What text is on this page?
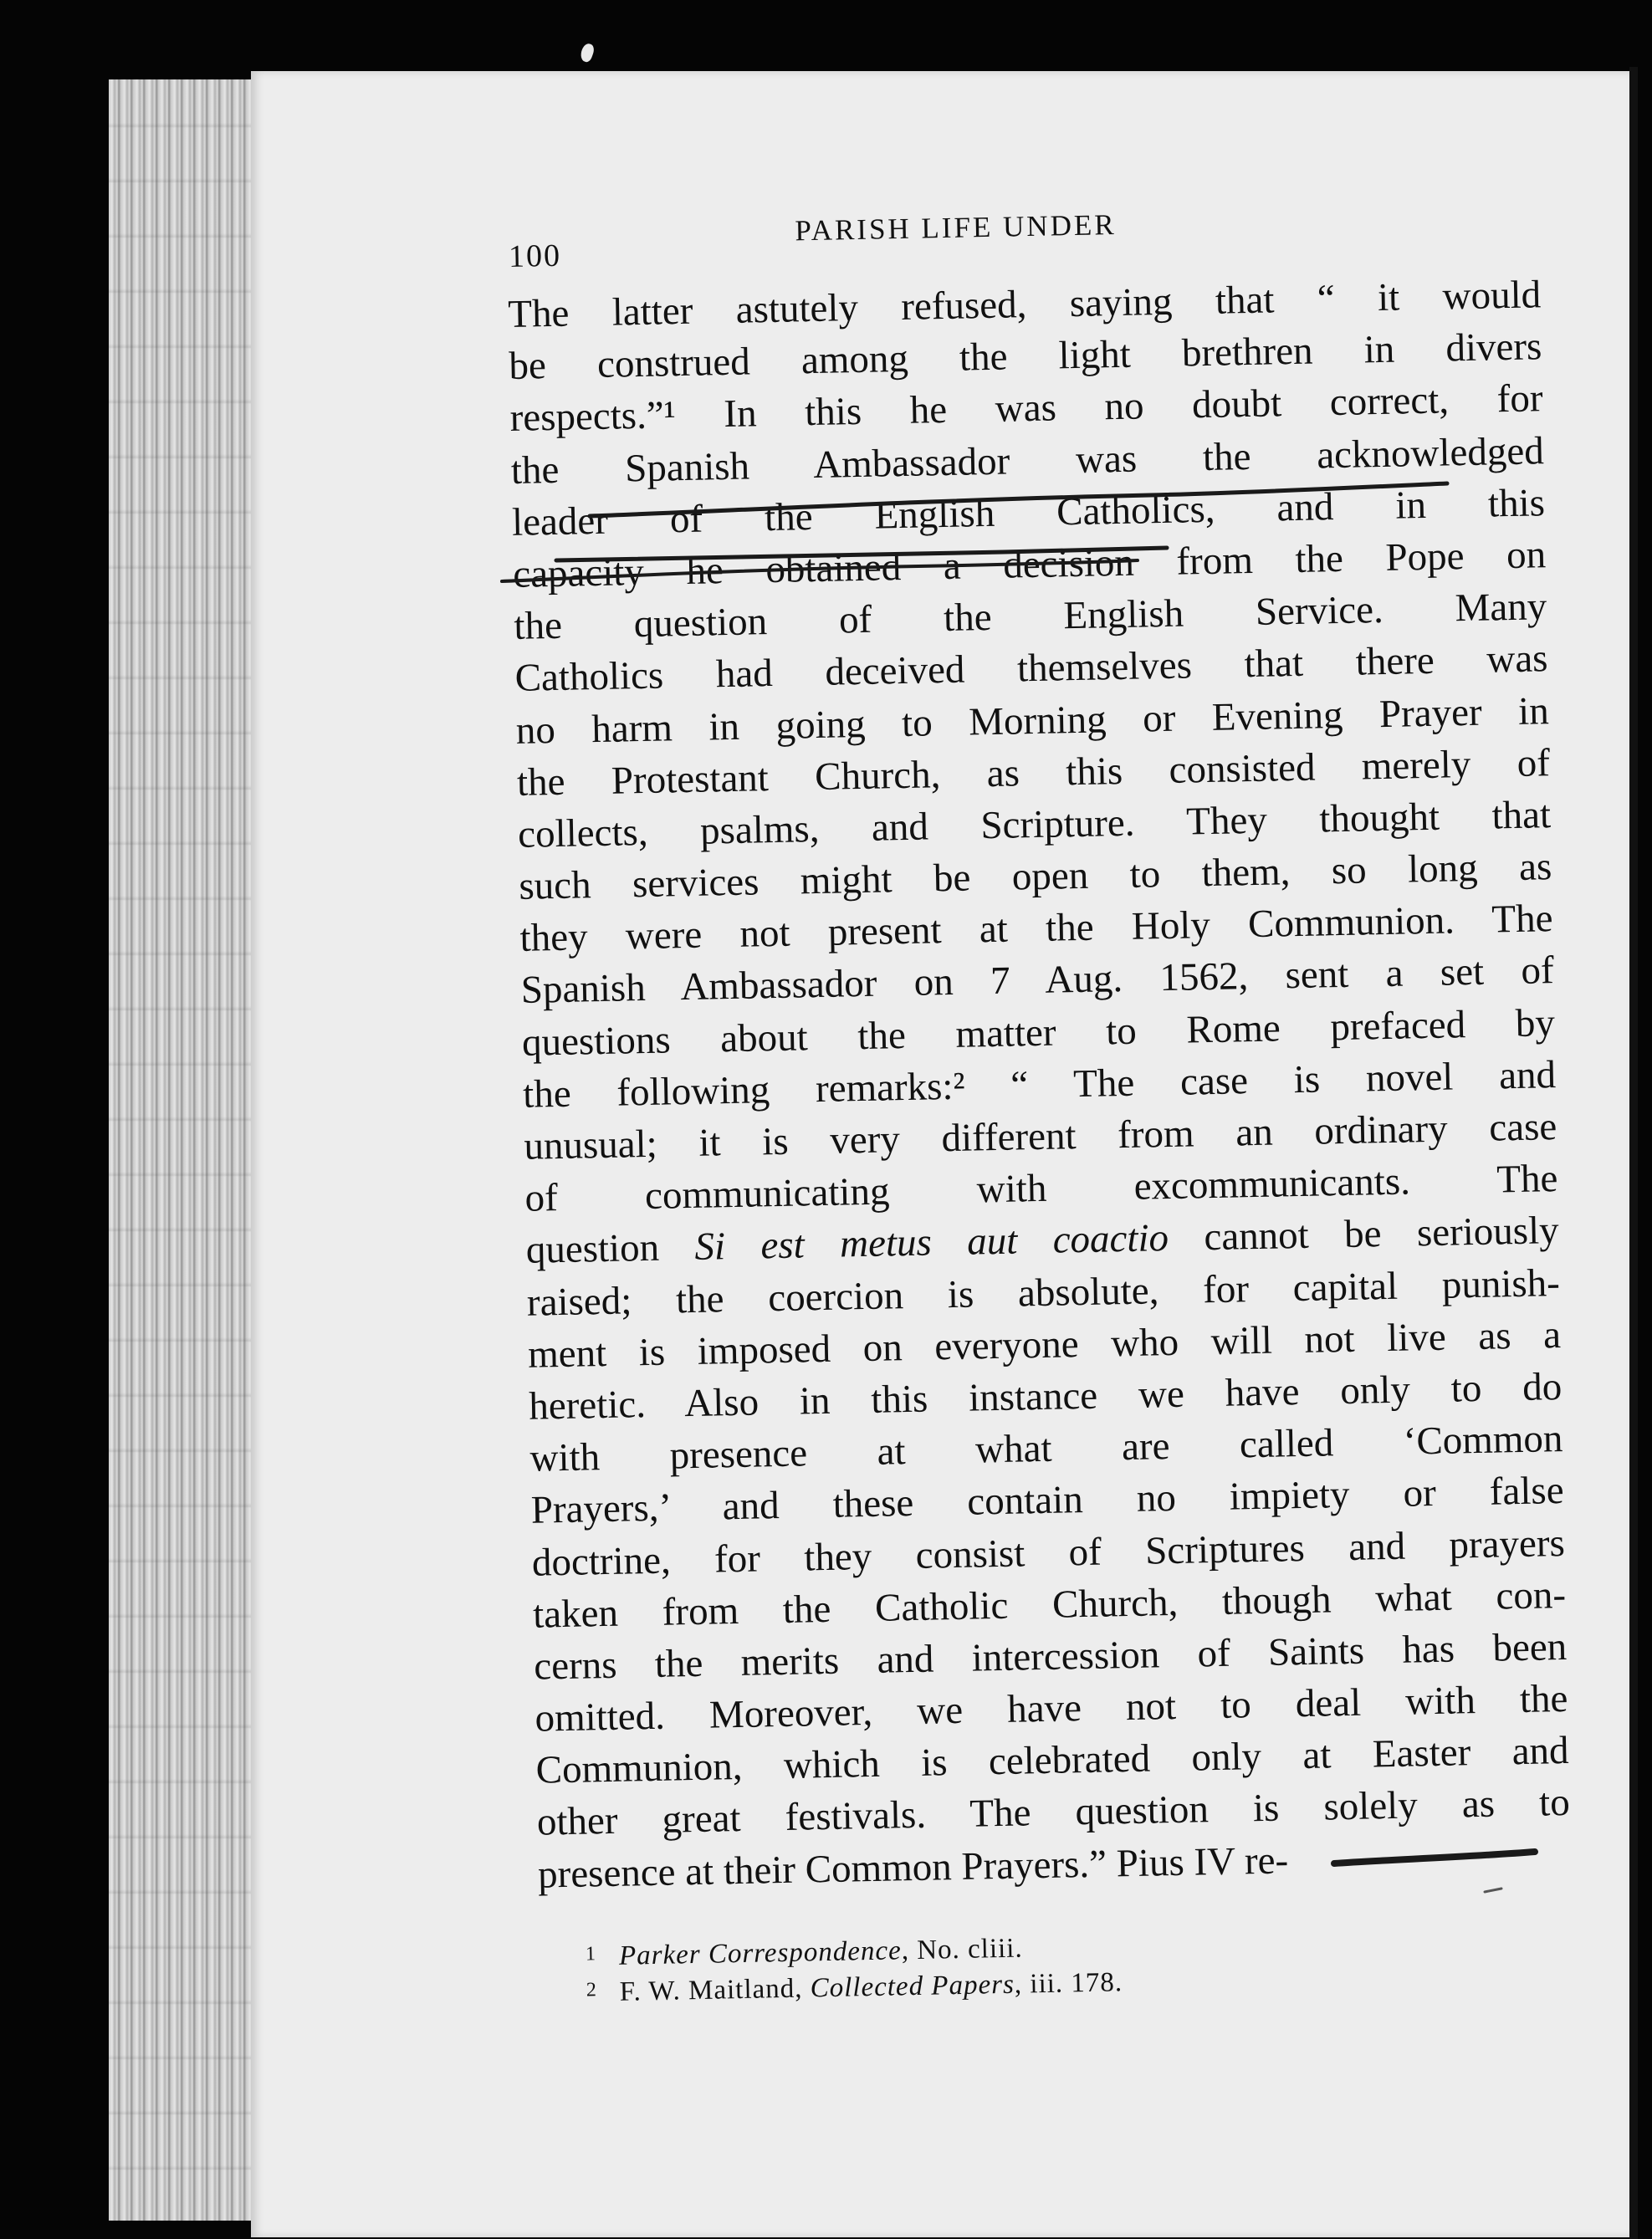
100
PARISH LIFE UNDER
The latter astutely refused, saying that “ it would
be construed among the light brethren in divers
respects.”¹ In this he was no doubt correct, for
the Spanish Ambassador was the acknowledged
leader of the English Catholics, and in this
capacity he obtained a decision from the Pope on
the question of the English Service. Many
Catholics had deceived themselves that there was
no harm in going to Morning or Evening Prayer in
the Protestant Church, as this consisted merely of
collects, psalms, and Scripture. They thought that
such services might be open to them, so long as
they were not present at the Holy Communion. The
Spanish Ambassador on 7 Aug. 1562, sent a set of
questions about the matter to Rome prefaced by
the following remarks:² “ The case is novel and
unusual; it is very different from an ordinary case
of communicating with excommunicants. The
question Si est metus aut coactio cannot be seriously
raised; the coercion is absolute, for capital punish-
ment is imposed on everyone who will not live as a
heretic. Also in this instance we have only to do
with presence at what are called ‘Common
Prayers,’ and these contain no impiety or false
doctrine, for they consist of Scriptures and prayers
taken from the Catholic Church, though what con-
cerns the merits and intercession of Saints has been
omitted. Moreover, we have not to deal with the
Communion, which is celebrated only at Easter and
other great festivals. The question is solely as to
presence at their Common Prayers.” Pius IV re-
1 Parker Correspondence, No. cliii.
2 F. W. Maitland, Collected Papers, iii. 178.
